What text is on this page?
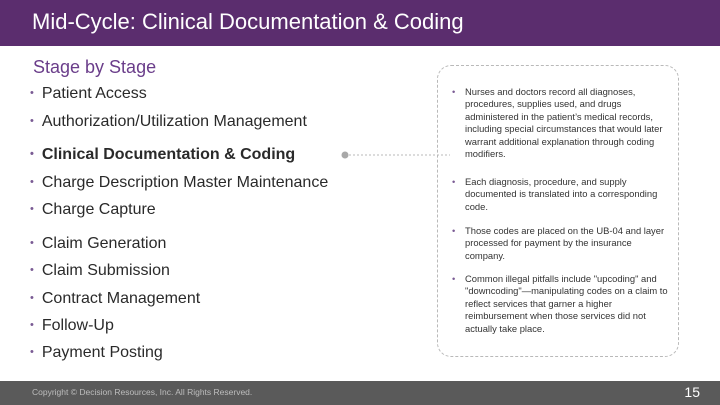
Mid-Cycle: Clinical Documentation & Coding
Stage by Stage
• Patient Access
• Authorization/Utilization Management
• Clinical Documentation & Coding
• Charge Description Master Maintenance
• Charge Capture
• Claim Generation
• Claim Submission
• Contract Management
• Follow-Up
• Payment Posting
• Nurses and doctors record all diagnoses, procedures, supplies used, and drugs administered in the patient’s medical records, including special circumstances that would later warrant additional explanation through coding modifiers.
• Each diagnosis, procedure, and supply documented is translated into a corresponding code.
• Those codes are placed on the UB-04 and layer processed for payment by the insurance company.
• Common illegal pitfalls include "upcoding" and "downcoding"—manipulating codes on a claim to reflect services that garner a higher reimbursement when those services did not actually take place.
Copyright © Decision Resources, Inc. All Rights Reserved.	15
